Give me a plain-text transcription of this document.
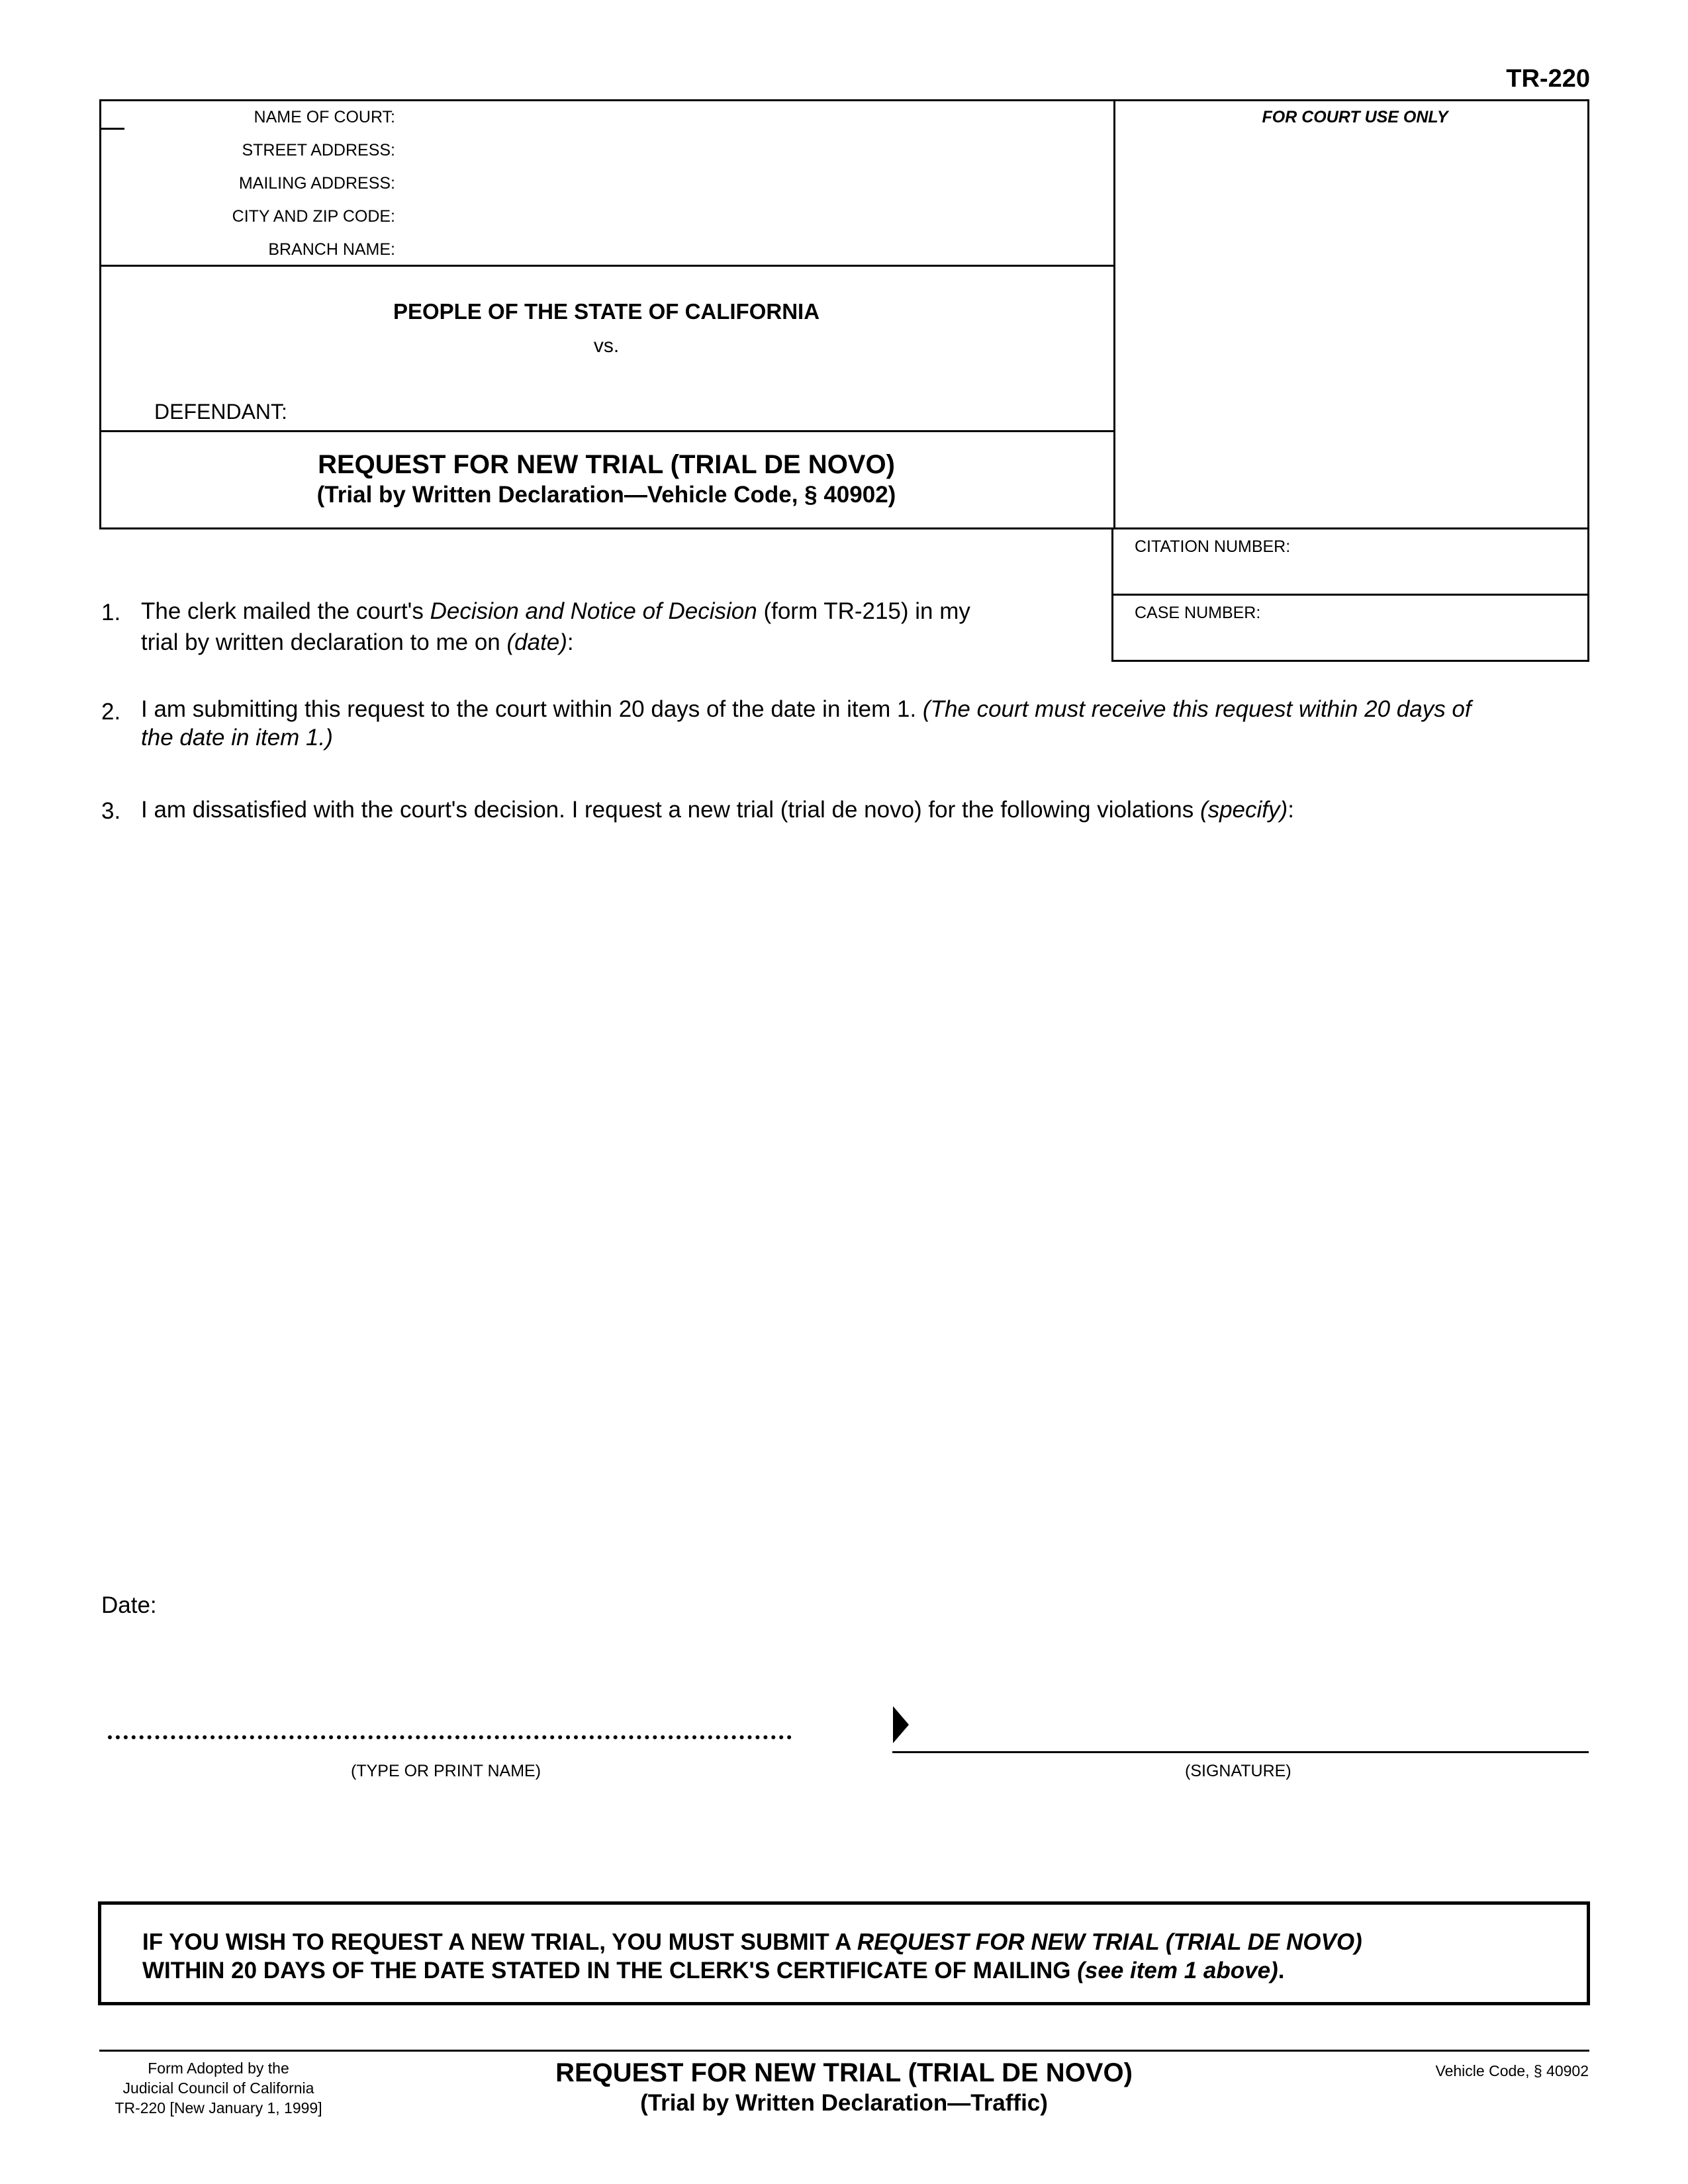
TR-220
NAME OF COURT:
STREET ADDRESS:
MAILING ADDRESS:
CITY AND ZIP CODE:
BRANCH NAME:
FOR COURT USE ONLY
PEOPLE OF THE STATE OF CALIFORNIA
vs.
DEFENDANT:
REQUEST FOR NEW TRIAL (TRIAL DE NOVO)
(Trial by Written Declaration—Vehicle Code, § 40902)
CITATION NUMBER:
CASE NUMBER:
1. The clerk mailed the court's Decision and Notice of Decision (form TR-215) in my
trial by written declaration to me on (date):
2. I am submitting this request to the court within 20 days of the date in item 1. (The court must receive this request within 20 days of
the date in item 1.)
3. I am dissatisfied with the court's decision. I request a new trial (trial de novo) for the following violations (specify):
Date:
(TYPE OR PRINT NAME)	(SIGNATURE)
IF YOU WISH TO REQUEST A NEW TRIAL, YOU MUST SUBMIT A REQUEST FOR NEW TRIAL (TRIAL DE NOVO)
WITHIN 20 DAYS OF THE DATE STATED IN THE CLERK'S CERTIFICATE OF MAILING (see item 1 above).
Form Adopted by the
Judicial Council of California
TR-220 [New January 1, 1999]
REQUEST FOR NEW TRIAL (TRIAL DE NOVO)
(Trial by Written Declaration—Traffic)
Vehicle Code, § 40902
